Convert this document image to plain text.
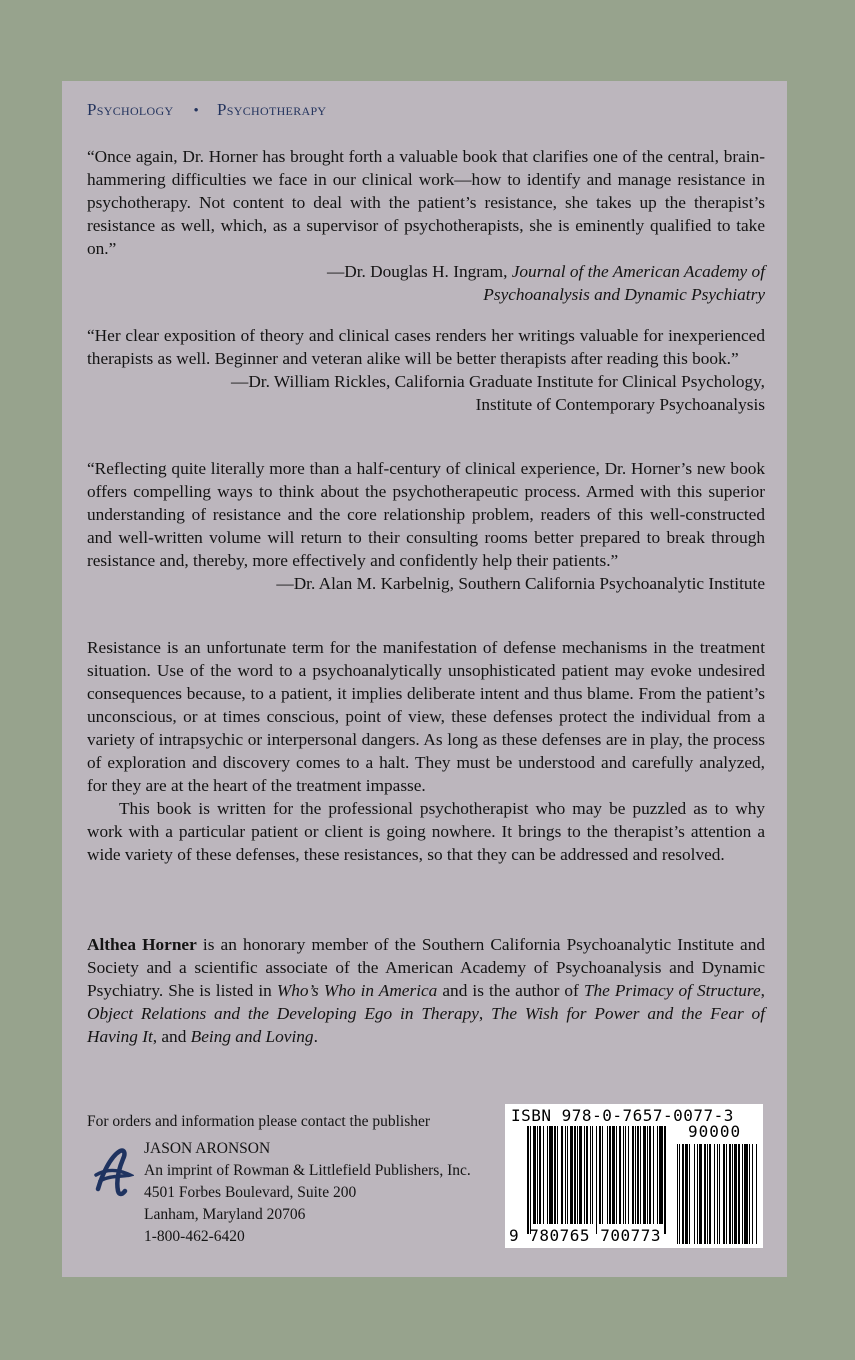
Psychology • Psychotherapy
“Once again, Dr. Horner has brought forth a valuable book that clarifies one of the central, brain-hammering difficulties we face in our clinical work—how to identify and manage resistance in psychotherapy. Not content to deal with the patient’s resistance, she takes up the therapist’s resistance as well, which, as a supervisor of psychotherapists, she is eminently qualified to take on.”
—Dr. Douglas H. Ingram, Journal of the American Academy of Psychoanalysis and Dynamic Psychiatry
“Her clear exposition of theory and clinical cases renders her writings valuable for inexperienced therapists as well. Beginner and veteran alike will be better therapists after reading this book.”
—Dr. William Rickles, California Graduate Institute for Clinical Psychology,
Institute of Contemporary Psychoanalysis
“Reflecting quite literally more than a half-century of clinical experience, Dr. Horner’s new book offers compelling ways to think about the psychotherapeutic process. Armed with this superior understanding of resistance and the core relationship problem, readers of this well-constructed and well-written volume will return to their consulting rooms better prepared to break through resistance and, thereby, more effectively and confidently help their patients.”
—Dr. Alan M. Karbelnig, Southern California Psychoanalytic Institute
Resistance is an unfortunate term for the manifestation of defense mechanisms in the treatment situation. Use of the word to a psychoanalytically unsophisticated patient may evoke undesired consequences because, to a patient, it implies deliberate intent and thus blame. From the patient’s unconscious, or at times conscious, point of view, these defenses protect the individual from a variety of intrapsychic or interpersonal dangers. As long as these defenses are in play, the process of exploration and discovery comes to a halt. They must be understood and carefully analyzed, for they are at the heart of the treatment impasse.
This book is written for the professional psychotherapist who may be puzzled as to why work with a particular patient or client is going nowhere. It brings to the therapist’s attention a wide variety of these defenses, these resistances, so that they can be addressed and resolved.
Althea Horner is an honorary member of the Southern California Psychoanalytic Institute and Society and a scientific associate of the American Academy of Psychoanalysis and Dynamic Psychiatry. She is listed in Who’s Who in America and is the author of The Primacy of Structure, Object Relations and the Developing Ego in Therapy, The Wish for Power and the Fear of Having It, and Being and Loving.
For orders and information please contact the publisher
JASON ARONSON
An imprint of Rowman & Littlefield Publishers, Inc.
4501 Forbes Boulevard, Suite 200
Lanham, Maryland 20706
1-800-462-6420
ISBN 978-0-7657-0077-3
90000
9 780765 700773
